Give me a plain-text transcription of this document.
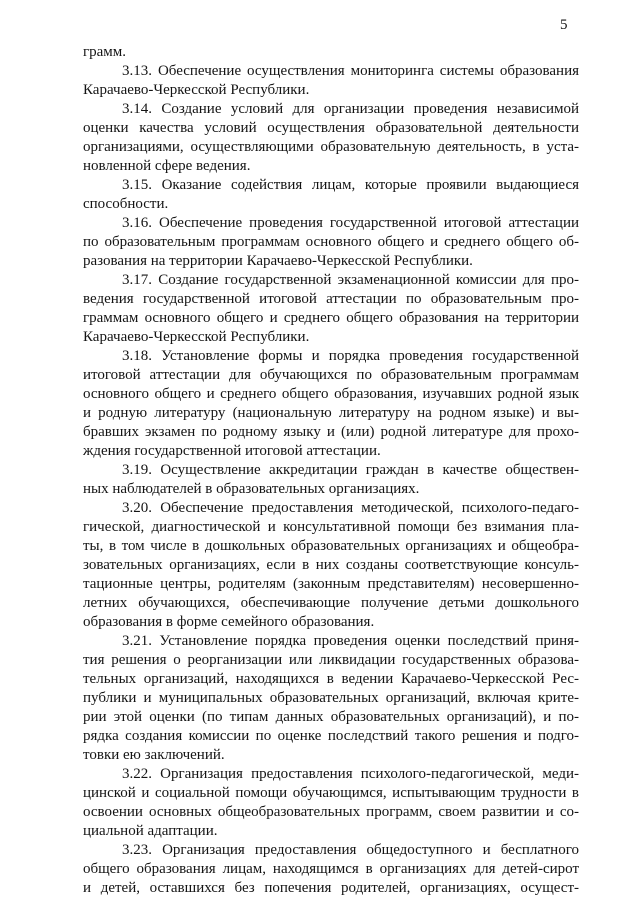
5
грамм.
3.13. Обеспечение осуществления мониторинга системы образования
Карачаево-Черкесской Республики.
3.14. Создание условий для организации проведения независимой
оценки качества условий осуществления образовательной деятельности
организациями, осуществляющими образовательную деятельность, в уста-
новленной сфере ведения.
3.15. Оказание содействия лицам, которые проявили выдающиеся
способности.
3.16. Обеспечение проведения государственной итоговой аттестации
по образовательным программам основного общего и среднего общего об-
разования на территории Карачаево-Черкесской Республики.
3.17. Создание государственной экзаменационной комиссии для про-
ведения государственной итоговой аттестации по образовательным про-
граммам основного общего и среднего общего образования на территории
Карачаево-Черкесской Республики.
3.18. Установление формы и порядка проведения государственной
итоговой аттестации для обучающихся по образовательным программам
основного общего и среднего общего образования, изучавших родной язык
и родную литературу (национальную литературу на родном языке) и вы-
бравших экзамен по родному языку и (или) родной литературе для прохо-
ждения государственной итоговой аттестации.
3.19. Осуществление аккредитации граждан в качестве обществен-
ных наблюдателей в образовательных организациях.
3.20. Обеспечение предоставления методической, психолого-педаго-
гической, диагностической и консультативной помощи без взимания пла-
ты, в том числе в дошкольных образовательных организациях и общеобра-
зовательных организациях, если в них созданы соответствующие консуль-
тационные центры, родителям (законным представителям) несовершенно-
летних обучающихся, обеспечивающие получение детьми дошкольного
образования в форме семейного образования.
3.21. Установление порядка проведения оценки последствий приня-
тия решения о реорганизации или ликвидации государственных образова-
тельных организаций, находящихся в ведении Карачаево-Черкесской Рес-
публики и муниципальных образовательных организаций, включая крите-
рии этой оценки (по типам данных образовательных организаций), и по-
рядка создания комиссии по оценке последствий такого решения и подго-
товки ею заключений.
3.22. Организация предоставления психолого-педагогической, меди-
цинской и социальной помощи обучающимся, испытывающим трудности в
освоении основных общеобразовательных программ, своем развитии и со-
циальной адаптации.
3.23. Организация предоставления общедоступного и бесплатного
общего образования лицам, находящимся в организациях для детей-сирот
и детей, оставшихся без попечения родителей, организациях, осущест-
